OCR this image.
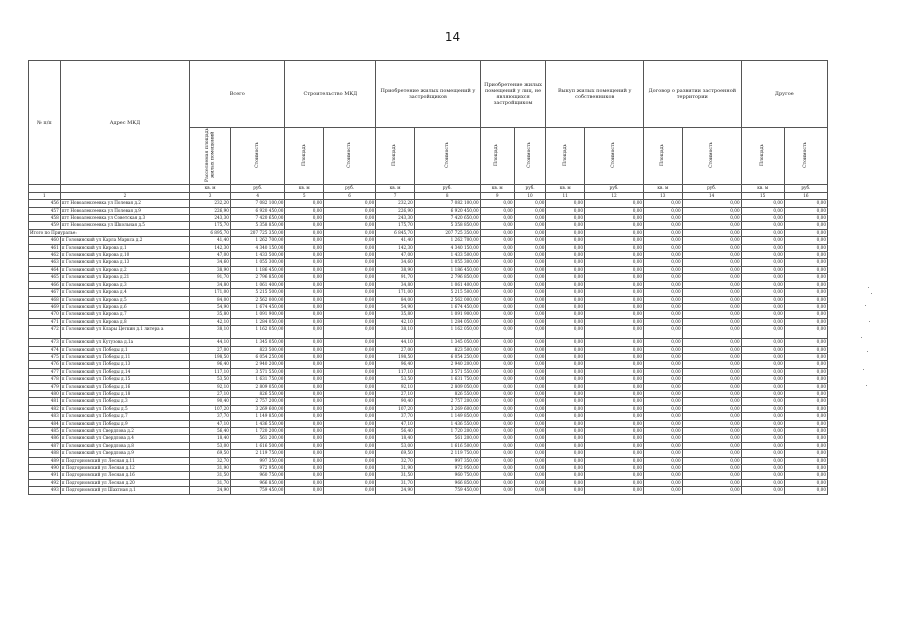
14
№ п/п	Адрес МКД	Всего		Строительство МКД		Приобретение жилых помещений у застройщиков		Приобретение жилых помещений у лиц, не являющихся застройщиком		Выкуп жилых помещений у собственников		Договор о развитии застроенной территории		Другое	
		Расселяемая площадь жилых помещений	Стоимость	Площадь	Стоимость	Площадь	Стоимость	Площадь	Стоимость	Площадь	Стоимость	Площадь	Стоимость	Площадь	Стоимость
		кв. м	руб.	кв. м	руб.	кв. м	руб.	кв. м	руб.	кв. м	руб.	кв. м	руб.	кв. м	руб.
1	2	3	4	5	6	7	8	9	10	11	12	13	14	15	16
456	пгт Новоалексеевка ул Полевая д.2	232,20	7 082 100,00	0,00	0,00	232,20	7 082 100,00	0,00	0,00	0,00	0,00	0,00	0,00	0,00	0,00
457	пгт Новоалексеевка ул Полевая д.9	226,90	6 920 450,00	0,00	0,00	226,90	6 920 450,00	0,00	0,00	0,00	0,00	0,00	0,00	0,00	0,00
458	пгт Новоалексеевка ул Советская д.3	243,30	7 420 650,00	0,00	0,00	243,30	7 420 650,00	0,00	0,00	0,00	0,00	0,00	0,00	0,00	0,00
459	пгт Новоалексеевка ул Школьная д.5	175,70	5 358 850,00	0,00	0,00	175,70	5 358 850,00	0,00	0,00	0,00	0,00	0,00	0,00	0,00	0,00
Итого по Приуралье:		6 895,70	207 725 350,00	0,00	0,00	6 845,70	207 725 350,00	0,00	0,00	0,00	0,00	0,00	0,00	0,00	0,00
460	п Головинский ул Карла Маркса д.2	41,40	1 262 700,00	0,00	0,00	41,40	1 262 700,00	0,00	0,00	0,00	0,00	0,00	0,00	0,00	0,00
461	п Головинский ул Кирова д.1	142,30	4 340 150,00	0,00	0,00	142,30	4 340 150,00	0,00	0,00	0,00	0,00	0,00	0,00	0,00	0,00
462	п Головинский ул Кирова д.10	47,00	1 433 500,00	0,00	0,00	47,00	1 433 500,00	0,00	0,00	0,00	0,00	0,00	0,00	0,00	0,00
463	п Головинский ул Кирова д.13	34,60	1 055 300,00	0,00	0,00	34,60	1 055 300,00	0,00	0,00	0,00	0,00	0,00	0,00	0,00	0,00
464	п Головинский ул Кирова д.2	38,90	1 186 450,00	0,00	0,00	38,90	1 186 450,00	0,00	0,00	0,00	0,00	0,00	0,00	0,00	0,00
465	п Головинский ул Кирова д.21	91,70	2 796 850,00	0,00	0,00	91,70	2 796 850,00	0,00	0,00	0,00	0,00	0,00	0,00	0,00	0,00
466	п Головинский ул Кирова д.3	34,80	1 061 400,00	0,00	0,00	34,80	1 061 400,00	0,00	0,00	0,00	0,00	0,00	0,00	0,00	0,00
467	п Головинский ул Кирова д.4	171,00	5 215 500,00	0,00	0,00	171,00	5 215 500,00	0,00	0,00	0,00	0,00	0,00	0,00	0,00	0,00
468	п Головинский ул Кирова д.5	84,00	2 562 000,00	0,00	0,00	84,00	2 562 000,00	0,00	0,00	0,00	0,00	0,00	0,00	0,00	0,00
469	п Головинский ул Кирова д.6	54,90	1 674 450,00	0,00	0,00	54,90	1 674 450,00	0,00	0,00	0,00	0,00	0,00	0,00	0,00	0,00
470	п Головинский ул Кирова д.7	35,80	1 091 900,00	0,00	0,00	35,80	1 091 900,00	0,00	0,00	0,00	0,00	0,00	0,00	0,00	0,00
471	п Головинский ул Кирова д.8	42,10	1 284 050,00	0,00	0,00	42,10	1 284 050,00	0,00	0,00	0,00	0,00	0,00	0,00	0,00	0,00
472	п Головинский ул Клары Цеткин д.1 литера а	38,10	1 162 050,00	0,00	0,00	38,10	1 162 050,00	0,00	0,00	0,00	0,00	0,00	0,00	0,00	0,00
473	п Головинский ул Кутузова д.1а	44,10	1 345 050,00	0,00	0,00	44,10	1 345 050,00	0,00	0,00	0,00	0,00	0,00	0,00	0,00	0,00
474	п Головинский ул Победы д.1	27,00	823 500,00	0,00	0,00	27,00	823 500,00	0,00	0,00	0,00	0,00	0,00	0,00	0,00	0,00
475	п Головинский ул Победы д.11	198,50	6 054 250,00	0,00	0,00	198,50	6 054 250,00	0,00	0,00	0,00	0,00	0,00	0,00	0,00	0,00
476	п Головинский ул Победы д.13	96,40	2 940 200,00	0,00	0,00	96,40	2 940 200,00	0,00	0,00	0,00	0,00	0,00	0,00	0,00	0,00
477	п Головинский ул Победы д.14	117,10	3 571 550,00	0,00	0,00	117,10	3 571 550,00	0,00	0,00	0,00	0,00	0,00	0,00	0,00	0,00
478	п Головинский ул Победы д.15	53,50	1 631 750,00	0,00	0,00	53,50	1 631 750,00	0,00	0,00	0,00	0,00	0,00	0,00	0,00	0,00
479	п Головинский ул Победы д.16	92,10	2 809 050,00	0,00	0,00	92,10	2 809 050,00	0,00	0,00	0,00	0,00	0,00	0,00	0,00	0,00
480	п Головинский ул Победы д.18	27,10	826 550,00	0,00	0,00	27,10	826 550,00	0,00	0,00	0,00	0,00	0,00	0,00	0,00	0,00
481	п Головинский ул Победы д.3	90,40	2 757 200,00	0,00	0,00	90,40	2 757 200,00	0,00	0,00	0,00	0,00	0,00	0,00	0,00	0,00
482	п Головинский ул Победы д.5	107,20	3 269 600,00	0,00	0,00	107,20	3 269 600,00	0,00	0,00	0,00	0,00	0,00	0,00	0,00	0,00
483	п Головинский ул Победы д.7	37,70	1 149 850,00	0,00	0,00	37,70	1 149 850,00	0,00	0,00	0,00	0,00	0,00	0,00	0,00	0,00
484	п Головинский ул Победы д.9	47,10	1 436 550,00	0,00	0,00	47,10	1 436 550,00	0,00	0,00	0,00	0,00	0,00	0,00	0,00	0,00
485	п Головинский ул Свердлова д.2	56,40	1 720 200,00	0,00	0,00	56,40	1 720 200,00	0,00	0,00	0,00	0,00	0,00	0,00	0,00	0,00
486	п Головинский ул Свердлова д.4	18,40	561 200,00	0,00	0,00	18,40	561 200,00	0,00	0,00	0,00	0,00	0,00	0,00	0,00	0,00
487	п Головинский ул Свердлова д.8	53,00	1 616 500,00	0,00	0,00	53,00	1 616 500,00	0,00	0,00	0,00	0,00	0,00	0,00	0,00	0,00
488	п Головинский ул Свердлова д.9	69,50	2 119 750,00	0,00	0,00	69,50	2 119 750,00	0,00	0,00	0,00	0,00	0,00	0,00	0,00	0,00
489	п Подгорновский ул Лесная д.11	32,70	997 350,00	0,00	0,00	32,70	997 350,00	0,00	0,00	0,00	0,00	0,00	0,00	0,00	0,00
490	п Подгорновский ул Лесная д.12	31,90	972 950,00	0,00	0,00	31,90	972 950,00	0,00	0,00	0,00	0,00	0,00	0,00	0,00	0,00
491	п Подгорновский ул Лесная д.16	31,50	960 750,00	0,00	0,00	31,50	960 750,00	0,00	0,00	0,00	0,00	0,00	0,00	0,00	0,00
492	п Подгорновский ул Лесная д.20	31,70	966 850,00	0,00	0,00	31,70	966 850,00	0,00	0,00	0,00	0,00	0,00	0,00	0,00	0,00
493	п Подгорновский ул Шахтная д.1	24,90	759 450,00	0,00	0,00	24,90	759 450,00	0,00	0,00	0,00	0,00	0,00	0,00	0,00	0,00
